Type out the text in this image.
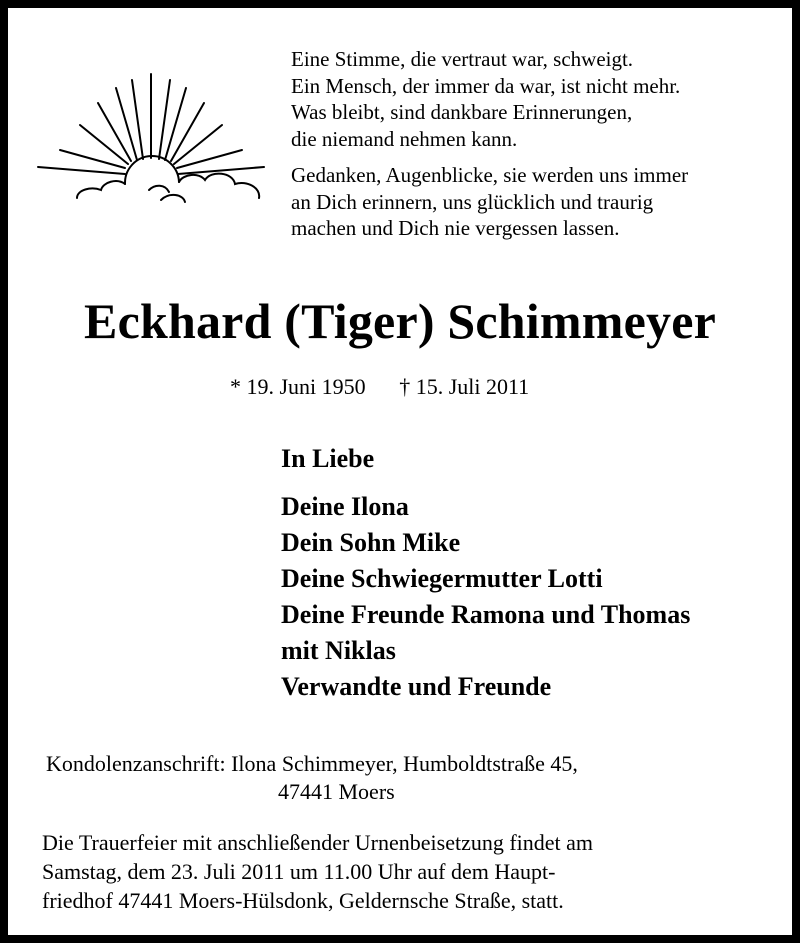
Eine Stimme, die vertraut war, schweigt.
Ein Mensch, der immer da war, ist nicht mehr.
Was bleibt, sind dankbare Erinnerungen,
die niemand nehmen kann.
Gedanken, Augenblicke, sie werden uns immer
an Dich erinnern, uns glücklich und traurig
machen und Dich nie vergessen lassen.
Eckhard (Tiger) Schimmeyer
* 19. Juni 1950 † 15. Juli 2011
In Liebe
Deine Ilona
Dein Sohn Mike
Deine Schwiegermutter Lotti
Deine Freunde Ramona und Thomas
mit Niklas
Verwandte und Freunde
Kondolenzanschrift: Ilona Schimmeyer, Humboldtstraße 45,
47441 Moers
Die Trauerfeier mit anschließender Urnenbeisetzung findet am
Samstag, dem 23. Juli 2011 um 11.00 Uhr auf dem Haupt-
friedhof 47441 Moers-Hülsdonk, Geldernsche Straße, statt.
